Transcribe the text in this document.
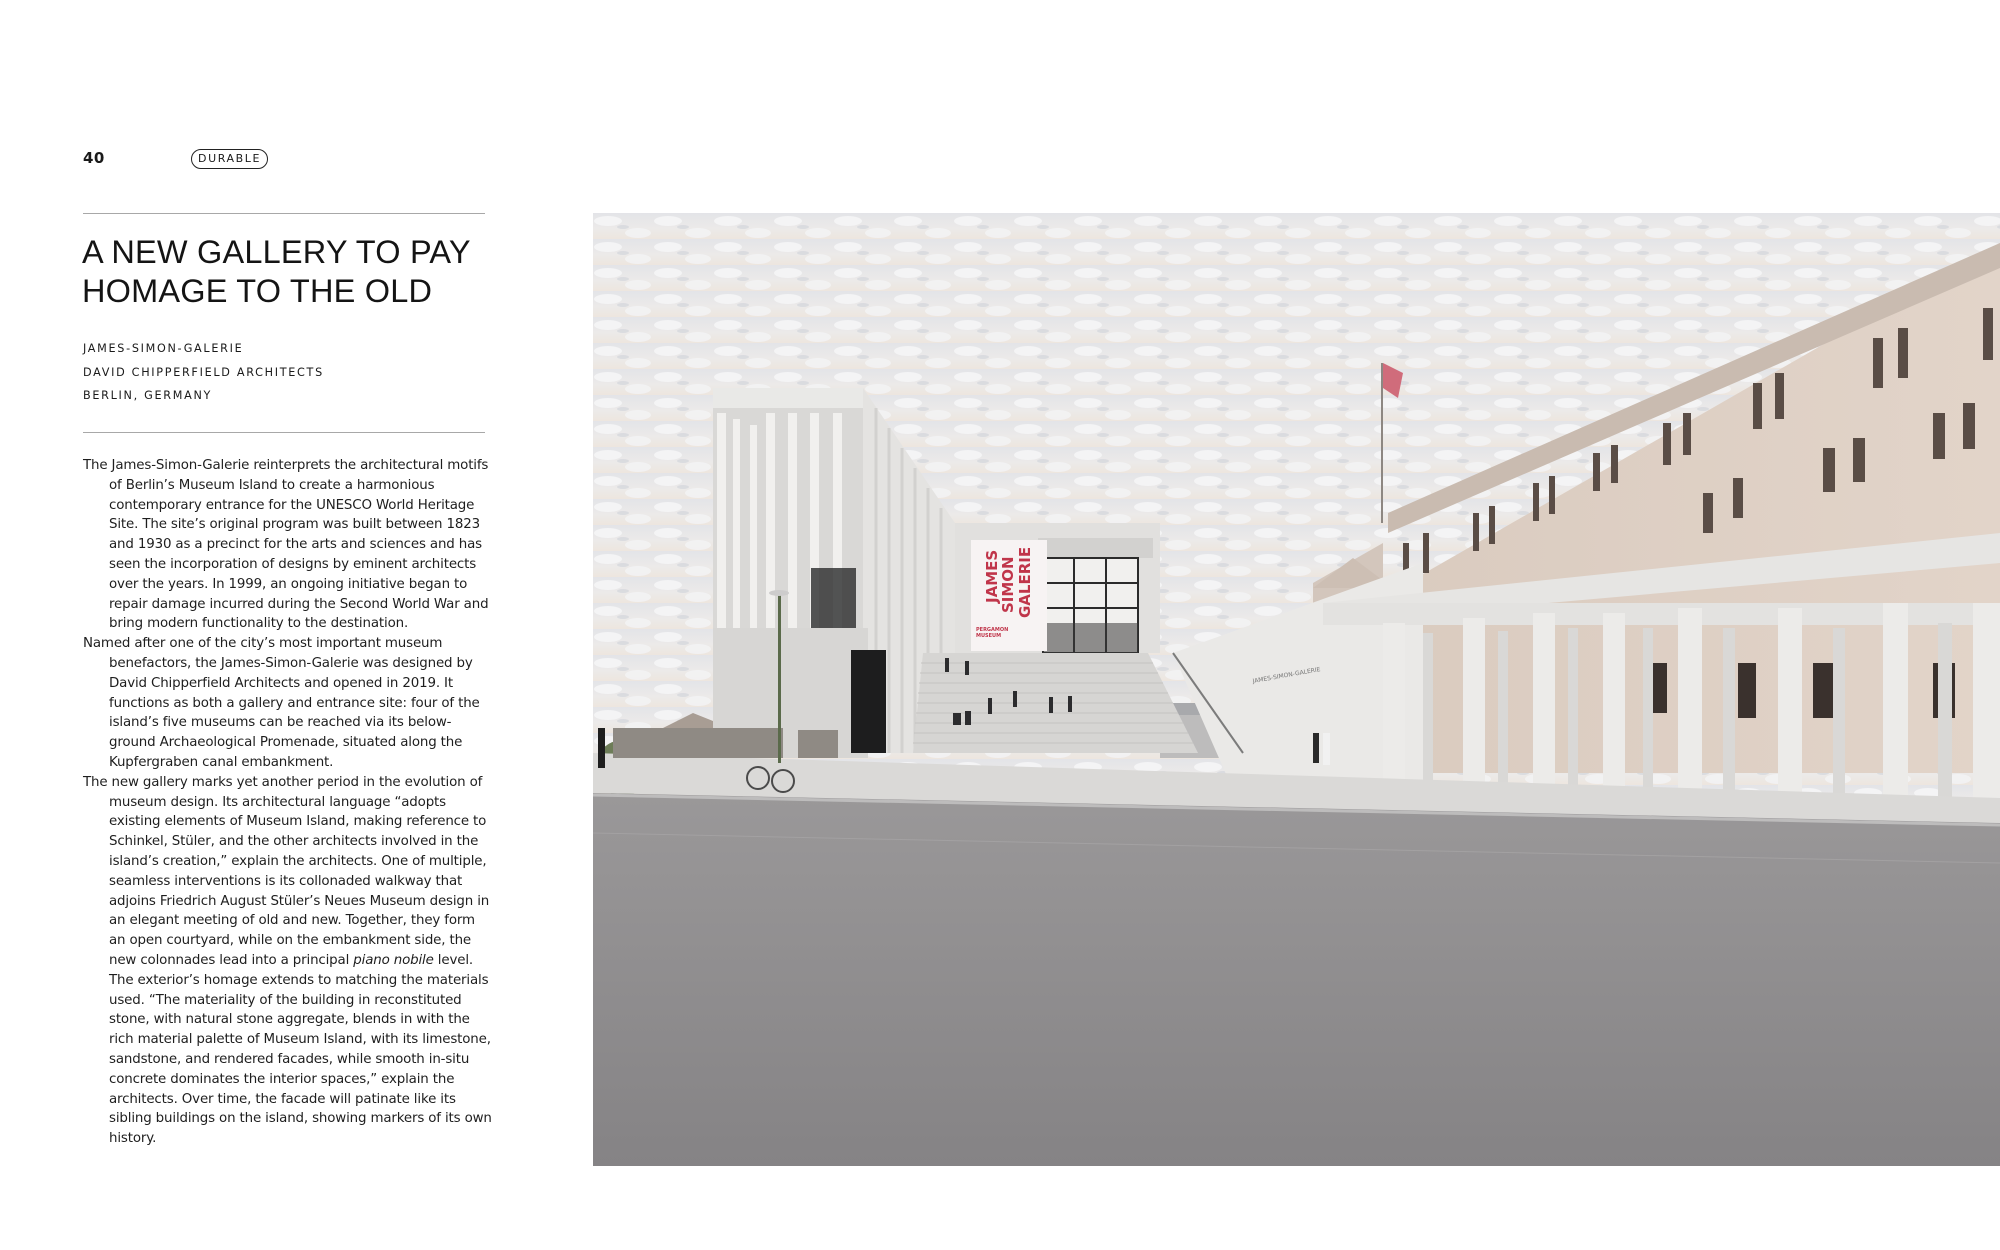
40	DURABLE
A NEW GALLERY TO PAY HOMAGE TO THE OLD
JAMES-SIMON-GALERIE
DAVID CHIPPERFIELD ARCHITECTS
BERLIN, GERMANY

The James-Simon-Galerie reinterprets the architectural motifs of Berlin’s Museum Island to create a harmonious contemporary entrance for the UNESCO World Heritage Site. The site’s original program was built between 1823 and 1930 as a precinct for the arts and sciences and has seen the incorporation of designs by eminent architects over the years. In 1999, an ongoing initiative began to repair damage incurred during the Second World War and bring modern functionality to the destination.

Named after one of the city’s most important museum benefactors, the James-Simon-Galerie was designed by David Chipperfield Architects and opened in 2019. It functions as both a gallery and entrance site: four of the island’s five museums can be reached via its below-ground Archaeological Promenade, situated along the Kupfergraben canal embankment.

The new gallery marks yet another period in the evolution of museum design. Its architectural language “adopts existing elements of Museum Island, making reference to Schinkel, Stüler, and the other architects involved in the island’s creation,” explain the architects. One of multiple, seamless interventions is its collonaded walkway that adjoins Friedrich August Stüler’s Neues Museum design in an elegant meeting of old and new. Together, they form an open courtyard, while on the embankment side, the new colonnades lead into a principal piano nobile level.

The exterior’s homage extends to matching the materials used. “The materiality of the building in reconstituted stone, with natural stone aggregate, blends in with the rich material palette of Museum Island, with its limestone, sandstone, and rendered facades, while smooth in-situ concrete dominates the interior spaces,” explain the architects. Over time, the facade will patinate like its sibling buildings on the island, showing markers of its own history.

JAMES
SIMON GALERIE
PERGAMON
MUSEUM
JAMES-SIMON-GALERIE
